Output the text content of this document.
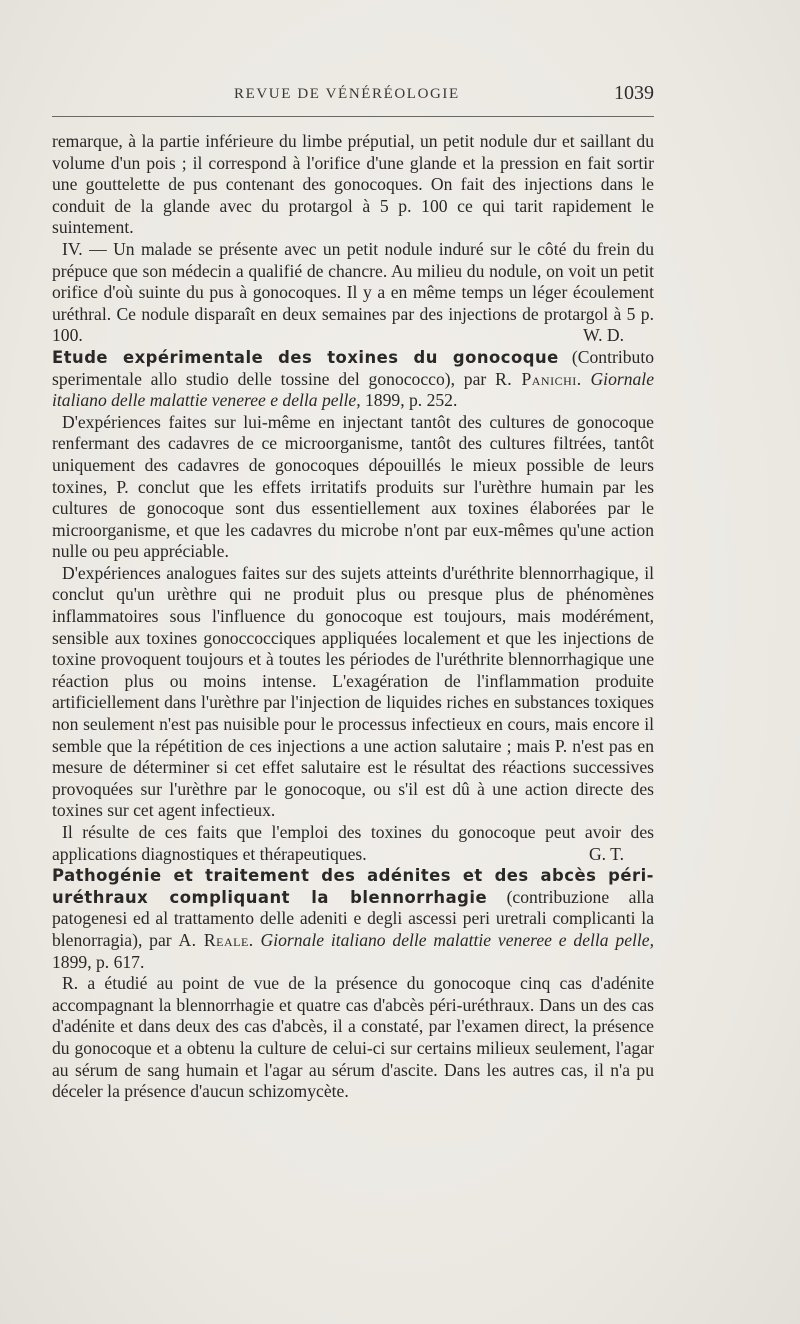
REVUE DE VÉNÉRÉOLOGIE	1039

remarque, à la partie inférieure du limbe préputial, un petit nodule dur et saillant du volume d'un pois ; il correspond à l'orifice d'une glande et la pression en fait sortir une gouttelette de pus contenant des gonocoques. On fait des injections dans le conduit de la glande avec du protargol à 5 p. 100 ce qui tarit rapidement le suintement.

IV. — Un malade se présente avec un petit nodule induré sur le côté du frein du prépuce que son médecin a qualifié de chancre. Au milieu du nodule, on voit un petit orifice d'où suinte du pus à gonocoques. Il y a en même temps un léger écoulement uréthral. Ce nodule disparaît en deux semaines par des injections de protargol à 5 p. 100.	W. D.

Etude expérimentale des toxines du gonocoque (Contributo sperimentale allo studio delle tossine del gonococco), par R. Panichi. Giornale italiano delle malattie veneree e della pelle, 1899, p. 252.

D'expériences faites sur lui-même en injectant tantôt des cultures de gonocoque renfermant des cadavres de ce microorganisme, tantôt des cultures filtrées, tantôt uniquement des cadavres de gonocoques dépouillés le mieux possible de leurs toxines, P. conclut que les effets irritatifs produits sur l'urèthre humain par les cultures de gonocoque sont dus essentiellement aux toxines élaborées par le microorganisme, et que les cadavres du microbe n'ont par eux-mêmes qu'une action nulle ou peu appréciable.

D'expériences analogues faites sur des sujets atteints d'uréthrite blennorrhagique, il conclut qu'un urèthre qui ne produit plus ou presque plus de phénomènes inflammatoires sous l'influence du gonocoque est toujours, mais modérément, sensible aux toxines gonoccocciques appliquées localement et que les injections de toxine provoquent toujours et à toutes les périodes de l'uréthrite blennorrhagique une réaction plus ou moins intense. L'exagération de l'inflammation produite artificiellement dans l'urèthre par l'injection de liquides riches en substances toxiques non seulement n'est pas nuisible pour le processus infectieux en cours, mais encore il semble que la répétition de ces injections a une action salutaire ; mais P. n'est pas en mesure de déterminer si cet effet salutaire est le résultat des réactions successives provoquées sur l'urèthre par le gonocoque, ou s'il est dû à une action directe des toxines sur cet agent infectieux.

Il résulte de ces faits que l'emploi des toxines du gonocoque peut avoir des applications diagnostiques et thérapeutiques.	G. T.

Pathogénie et traitement des adénites et des abcès péri-uréthraux compliquant la blennorrhagie (contribuzione alla patogenesi ed al trattamento delle adeniti e degli ascessi peri uretrali complicanti la blenorragia), par A. Reale. Giornale italiano delle malattie veneree e della pelle, 1899, p. 617.

R. a étudié au point de vue de la présence du gonocoque cinq cas d'adénite accompagnant la blennorrhagie et quatre cas d'abcès péri-uréthraux. Dans un des cas d'adénite et dans deux des cas d'abcès, il a constaté, par l'examen direct, la présence du gonocoque et a obtenu la culture de celui-ci sur certains milieux seulement, l'agar au sérum de sang humain et l'agar au sérum d'ascite. Dans les autres cas, il n'a pu déceler la présence d'aucun schizomycète.
